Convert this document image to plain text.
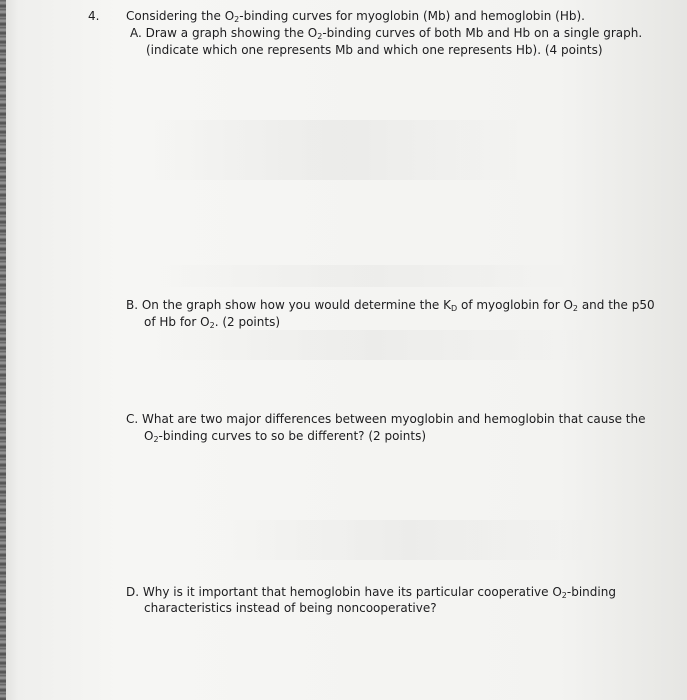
4. Considering the $O_2$-binding curves for myoglobin (Mb) and hemoglobin (Hb).
A. Draw a graph showing the $O_2$-binding curves of both Mb and Hb on a single graph.
(indicate which one represents Mb and which one represents Hb). (4 points)
B. On the graph show how you would determine the $K_D$ of myoglobin for $O_2$ and the p50
of Hb for $O_2$. (2 points)
C. What are two major differences between myoglobin and hemoglobin that cause the
$O_2$-binding curves to so be different? (2 points)
D. Why is it important that hemoglobin have its particular cooperative $O_2$-binding
characteristics instead of being noncooperative?
